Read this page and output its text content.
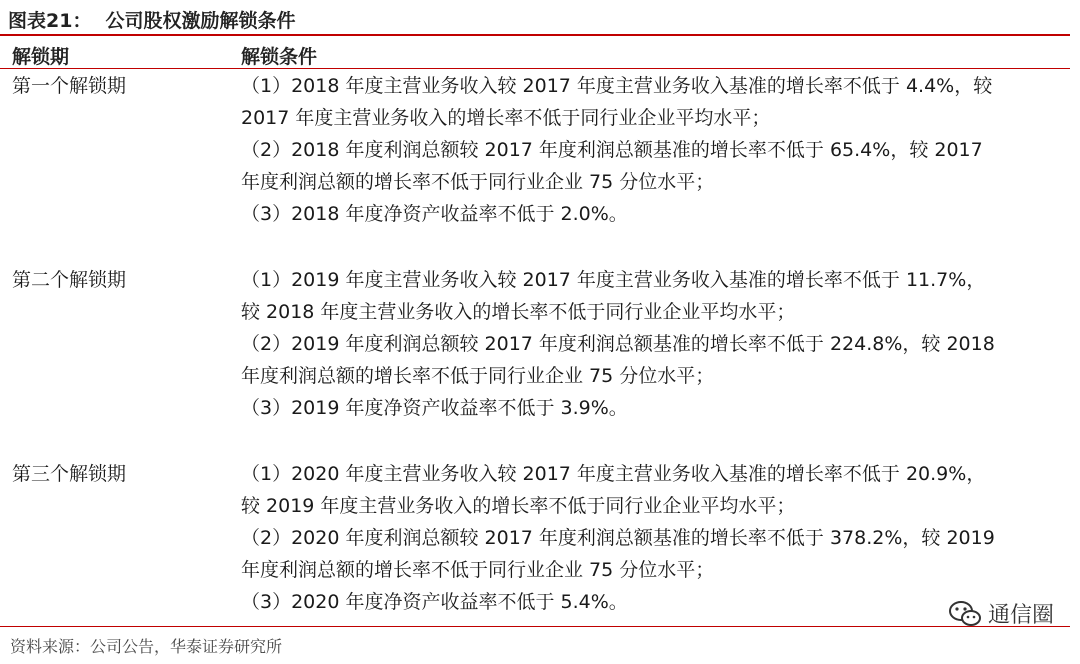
图表21： 公司股权激励解锁条件
解锁期	解锁条件
第一个解锁期	（1）2018 年度主营业务收入较 2017 年度主营业务收入基准的增长率不低于 4.4%，较
2017 年度主营业务收入的增长率不低于同行业企业平均水平；
（2）2018 年度利润总额较 2017 年度利润总额基准的增长率不低于 65.4%，较 2017
年度利润总额的增长率不低于同行业企业 75 分位水平；
（3）2018 年度净资产收益率不低于 2.0%。
第二个解锁期	（1）2019 年度主营业务收入较 2017 年度主营业务收入基准的增长率不低于 11.7%，
较 2018 年度主营业务收入的增长率不低于同行业企业平均水平；
（2）2019 年度利润总额较 2017 年度利润总额基准的增长率不低于 224.8%，较 2018
年度利润总额的增长率不低于同行业企业 75 分位水平；
（3）2019 年度净资产收益率不低于 3.9%。
第三个解锁期	（1）2020 年度主营业务收入较 2017 年度主营业务收入基准的增长率不低于 20.9%，
较 2019 年度主营业务收入的增长率不低于同行业企业平均水平；
（2）2020 年度利润总额较 2017 年度利润总额基准的增长率不低于 378.2%，较 2019
年度利润总额的增长率不低于同行业企业 75 分位水平；
（3）2020 年度净资产收益率不低于 5.4%。
资料来源：公司公告，华泰证券研究所
通信圈
